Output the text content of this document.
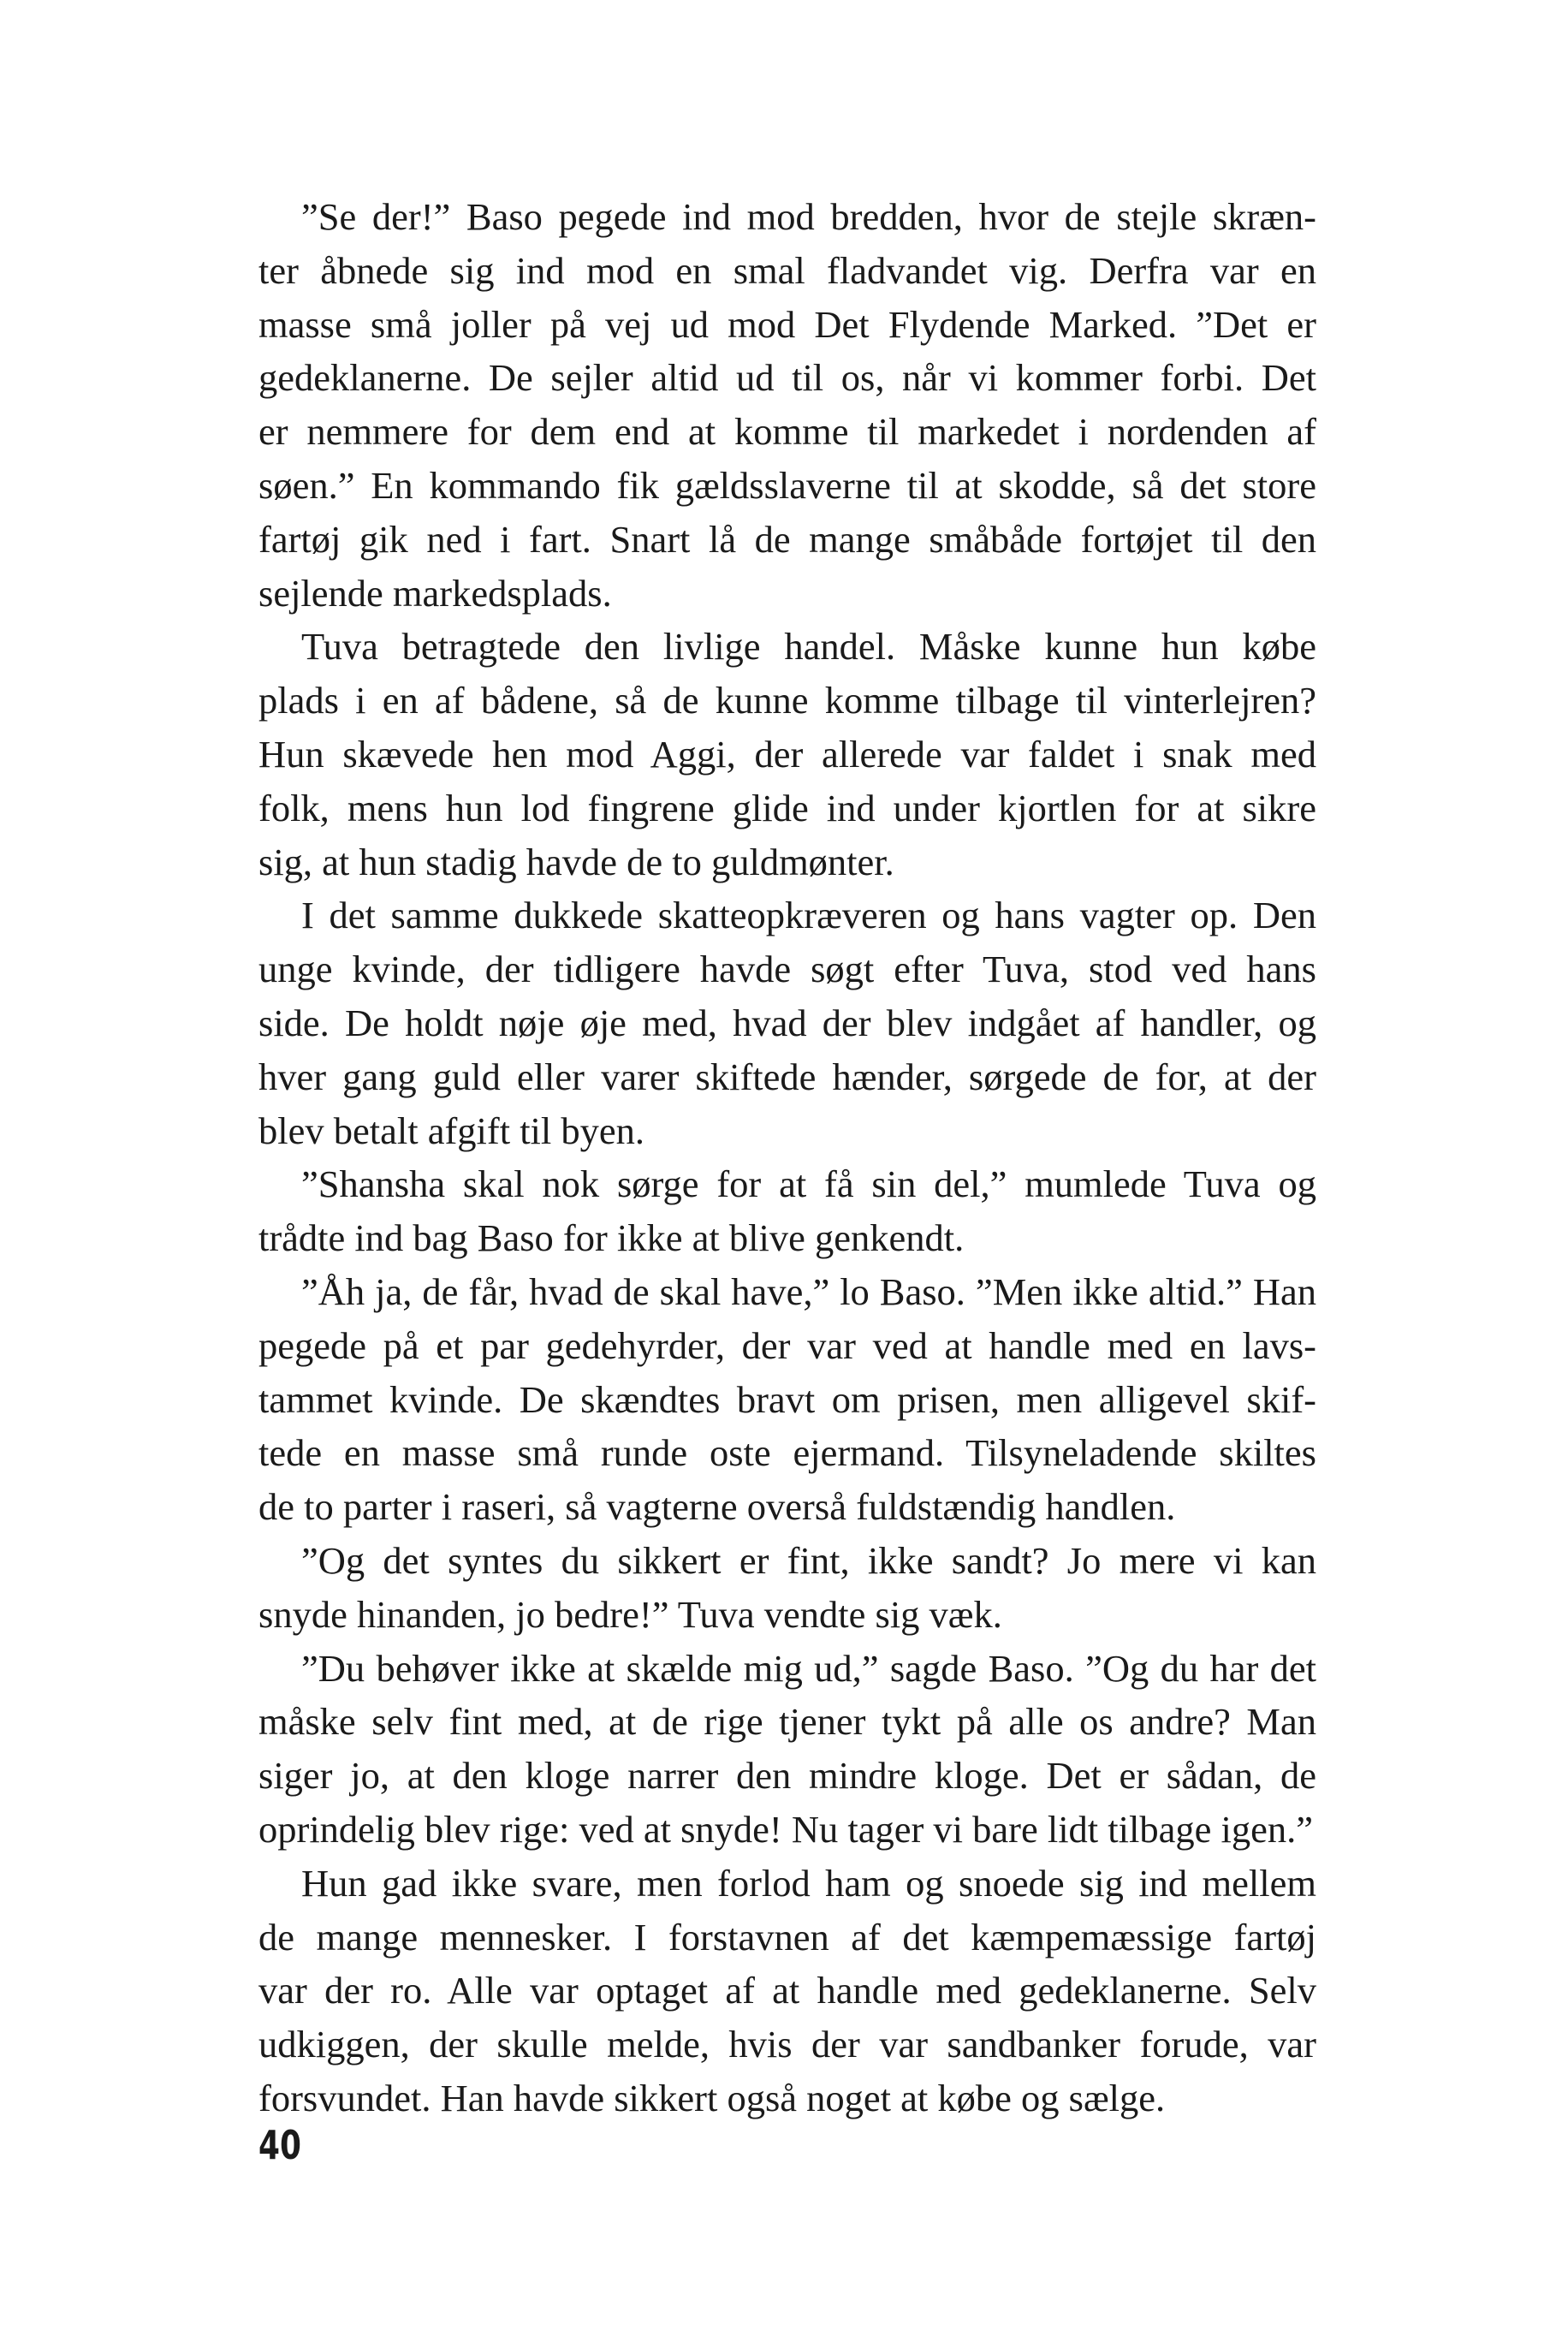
”Se der!” Baso pegede ind mod bredden, hvor de stejle skræn-
ter åbnede sig ind mod en smal fladvandet vig. Derfra var en
masse små joller på vej ud mod Det Flydende Marked. ”Det er
gedeklanerne. De sejler altid ud til os, når vi kommer forbi. Det
er nemmere for dem end at komme til markedet i nordenden af
søen.” En kommando fik gældsslaverne til at skodde, så det store
fartøj gik ned i fart. Snart lå de mange småbåde fortøjet til den
sejlende markedsplads.
Tuva betragtede den livlige handel. Måske kunne hun købe
plads i en af bådene, så de kunne komme tilbage til vinterlejren?
Hun skævede hen mod Aggi, der allerede var faldet i snak med
folk, mens hun lod fingrene glide ind under kjortlen for at sikre
sig, at hun stadig havde de to guldmønter.
I det samme dukkede skatteopkræveren og hans vagter op. Den
unge kvinde, der tidligere havde søgt efter Tuva, stod ved hans
side. De holdt nøje øje med, hvad der blev indgået af handler, og
hver gang guld eller varer skiftede hænder, sørgede de for, at der
blev betalt afgift til byen.
”Shansha skal nok sørge for at få sin del,” mumlede Tuva og
trådte ind bag Baso for ikke at blive genkendt.
”Åh ja, de får, hvad de skal have,” lo Baso. ”Men ikke altid.” Han
pegede på et par gedehyrder, der var ved at handle med en lavs-
tammet kvinde. De skændtes bravt om prisen, men alligevel skif-
tede en masse små runde oste ejermand. Tilsyneladende skiltes
de to parter i raseri, så vagterne overså fuldstændig handlen.
”Og det syntes du sikkert er fint, ikke sandt? Jo mere vi kan
snyde hinanden, jo bedre!” Tuva vendte sig væk.
”Du behøver ikke at skælde mig ud,” sagde Baso. ”Og du har det
måske selv fint med, at de rige tjener tykt på alle os andre? Man
siger jo, at den kloge narrer den mindre kloge. Det er sådan, de
oprindelig blev rige: ved at snyde! Nu tager vi bare lidt tilbage igen.”
Hun gad ikke svare, men forlod ham og snoede sig ind mellem
de mange mennesker. I forstavnen af det kæmpemæssige fartøj
var der ro. Alle var optaget af at handle med gedeklanerne. Selv
udkiggen, der skulle melde, hvis der var sandbanker forude, var
forsvundet. Han havde sikkert også noget at købe og sælge.
40
